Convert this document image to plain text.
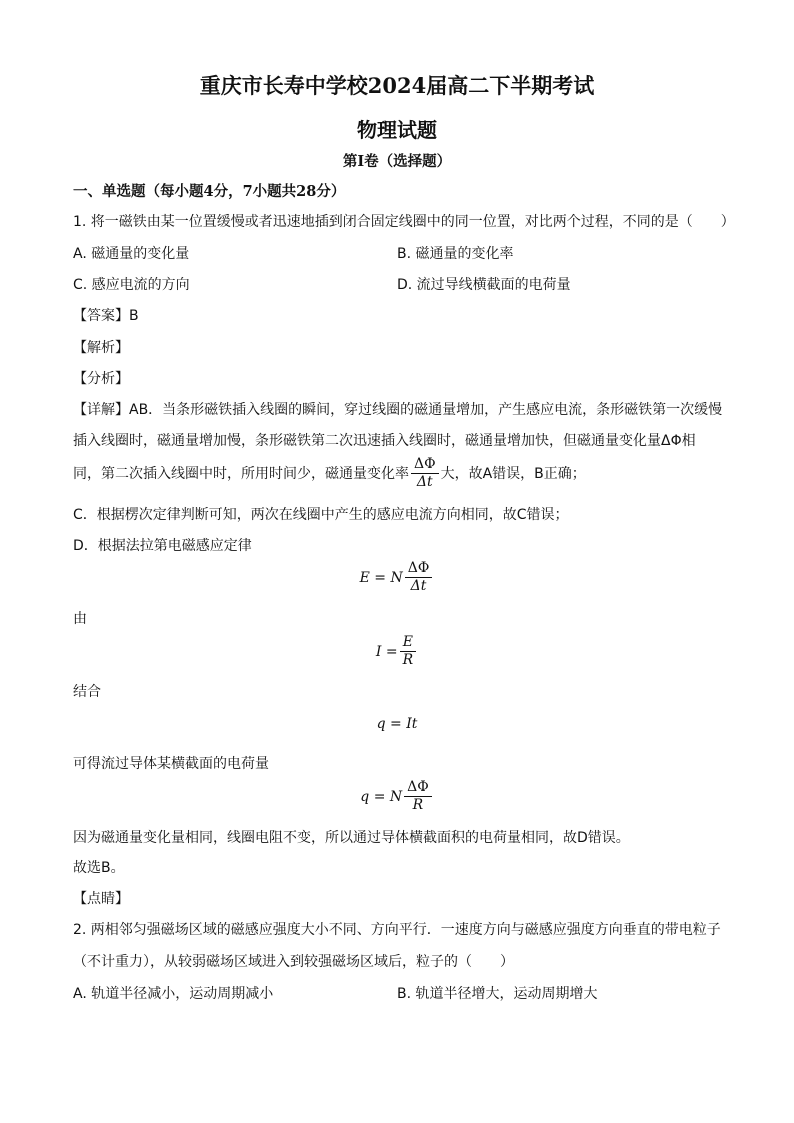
重庆市长寿中学校2024届高二下半期考试
物理试题
第I卷（选择题）
一、单选题（每小题4分，7小题共28分）
1. 将一磁铁由某一位置缓慢或者迅速地插到闭合固定线圈中的同一位置，对比两个过程，不同的是（　　）
A. 磁通量的变化量	B. 磁通量的变化率
C. 感应电流的方向	D. 流过导线横截面的电荷量
【答案】B
【解析】
【分析】
【详解】AB．当条形磁铁插入线圈的瞬间，穿过线圈的磁通量增加，产生感应电流，条形磁铁第一次缓慢
插入线圈时，磁通量增加慢，条形磁铁第二次迅速插入线圈时，磁通量增加快，但磁通量变化量ΔΦ相
同，第二次插入线圈中时，所用时间少，磁通量变化率 $\frac{\Delta\Phi}{\Delta t}$ 大，故A错误，B正确；
C．根据楞次定律判断可知，两次在线圈中产生的感应电流方向相同，故C错误；
D．根据法拉第电磁感应定律
E = N $\frac{\Delta\Phi}{\Delta t}$
由
$I = \frac{E}{R}$
结合
q = It
可得流过导体某横截面的电荷量
q = N $\frac{\Delta\Phi}{R}$
因为磁通量变化量相同，线圈电阻不变，所以通过导体横截面积的电荷量相同，故D错误。
故选B。
【点睛】
2. 两相邻匀强磁场区域的磁感应强度大小不同、方向平行．一速度方向与磁感应强度方向垂直的带电粒子
（不计重力），从较弱磁场区域进入到较强磁场区域后，粒子的（　　）
A. 轨道半径减小，运动周期减小	B. 轨道半径增大，运动周期增大
